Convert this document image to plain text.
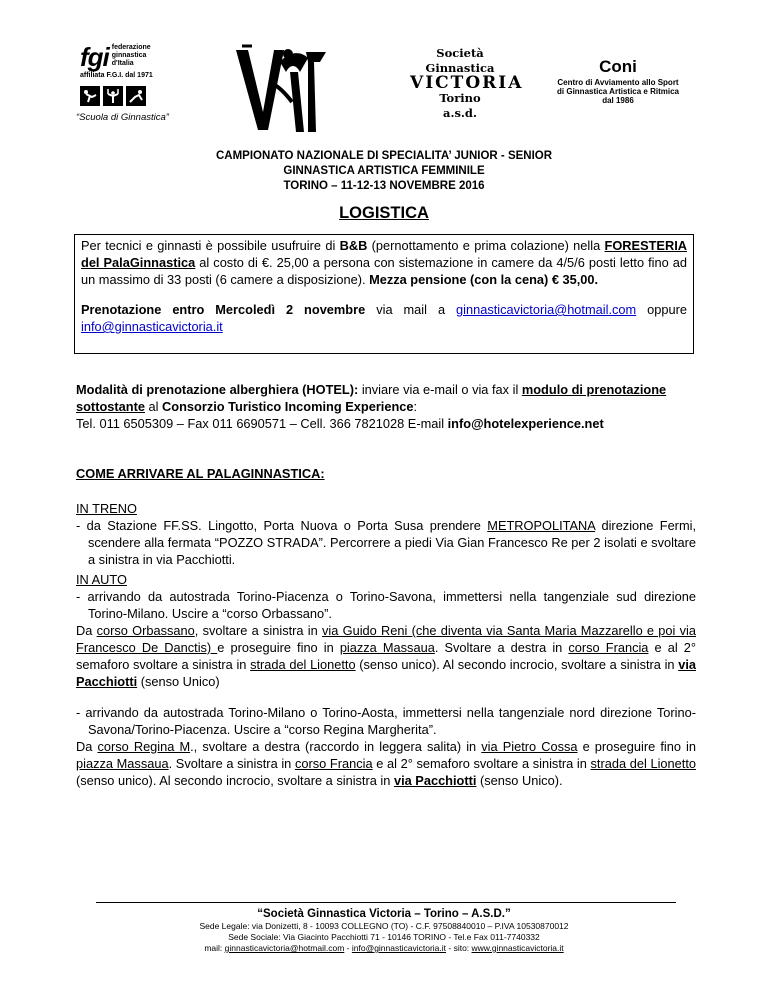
fgi federazione
ginnastica
d'Italia
affiliata F.G.I. dal 1971
“Scuola di Ginnastica”
Società
Ginnastica
VICTORIA
Torino
a.s.d.
Coni
Centro di Avviamento allo Sport
di Ginnastica Artistica e Ritmica
dal 1986
CAMPIONATO NAZIONALE DI SPECIALITA’ JUNIOR - SENIOR
GINNASTICA ARTISTICA FEMMINILE
TORINO – 11-12-13 NOVEMBRE 2016
LOGISTICA

Per tecnici e ginnasti è possibile usufruire di B&B (pernottamento e prima colazione) nella FORESTERIA del PalaGinnastica al costo di €. 25,00 a persona con sistemazione in camere da 4/5/6 posti letto fino ad un massimo di 33 posti (6 camere a disposizione). Mezza pensione (con la cena) € 35,00.

Prenotazione entro Mercoledì 2 novembre via mail a ginnasticavictoria@hotmail.com oppure info@ginnasticavictoria.it

Modalità di prenotazione alberghiera (HOTEL): inviare via e-mail o via fax il modulo di prenotazione sottostante al Consorzio Turistico Incoming Experience:

Tel. 011 6505309 – Fax 011 6690571 – Cell. 366 7821028 E-mail info@hotelexperience.net

COME ARRIVARE AL PALAGINNASTICA:

IN TRENO

- da Stazione FF.SS. Lingotto, Porta Nuova o Porta Susa prendere METROPOLITANA direzione Fermi, scendere alla fermata “POZZO STRADA”. Percorrere a piedi Via Gian Francesco Re per 2 isolati e svoltare a sinistra in via Pacchiotti.

IN AUTO

- arrivando da autostrada Torino-Piacenza o Torino-Savona, immettersi nella tangenziale sud direzione Torino-Milano. Uscire a “corso Orbassano”.

Da corso Orbassano, svoltare a sinistra in via Guido Reni (che diventa via Santa Maria Mazzarello e poi via Francesco De Danctis) e proseguire fino in piazza Massaua. Svoltare a destra in corso Francia e al 2° semaforo svoltare a sinistra in strada del Lionetto (senso unico). Al secondo incrocio, svoltare a sinistra in via Pacchiotti (senso Unico)

- arrivando da autostrada Torino-Milano o Torino-Aosta, immettersi nella tangenziale nord direzione Torino-Savona/Torino-Piacenza. Uscire a “corso Regina Margherita”.

Da corso Regina M., svoltare a destra (raccordo in leggera salita) in via Pietro Cossa e proseguire fino in piazza Massaua. Svoltare a sinistra in corso Francia e al 2° semaforo svoltare a sinistra in strada del Lionetto (senso unico). Al secondo incrocio, svoltare a sinistra in via Pacchiotti (senso Unico).

“Società Ginnastica Victoria – Torino – A.S.D.”
Sede Legale: via Donizetti, 8 - 10093 COLLEGNO (TO) - C.F. 97508840010 – P.IVA 10530870012
Sede Sociale: Via Giacinto Pacchiotti 71 - 10146 TORINO - Tel.e Fax 011-7740332
mail: ginnasticavictoria@hotmail.com - info@ginnasticavictoria.it - sito: www.ginnasticavictoria.it
